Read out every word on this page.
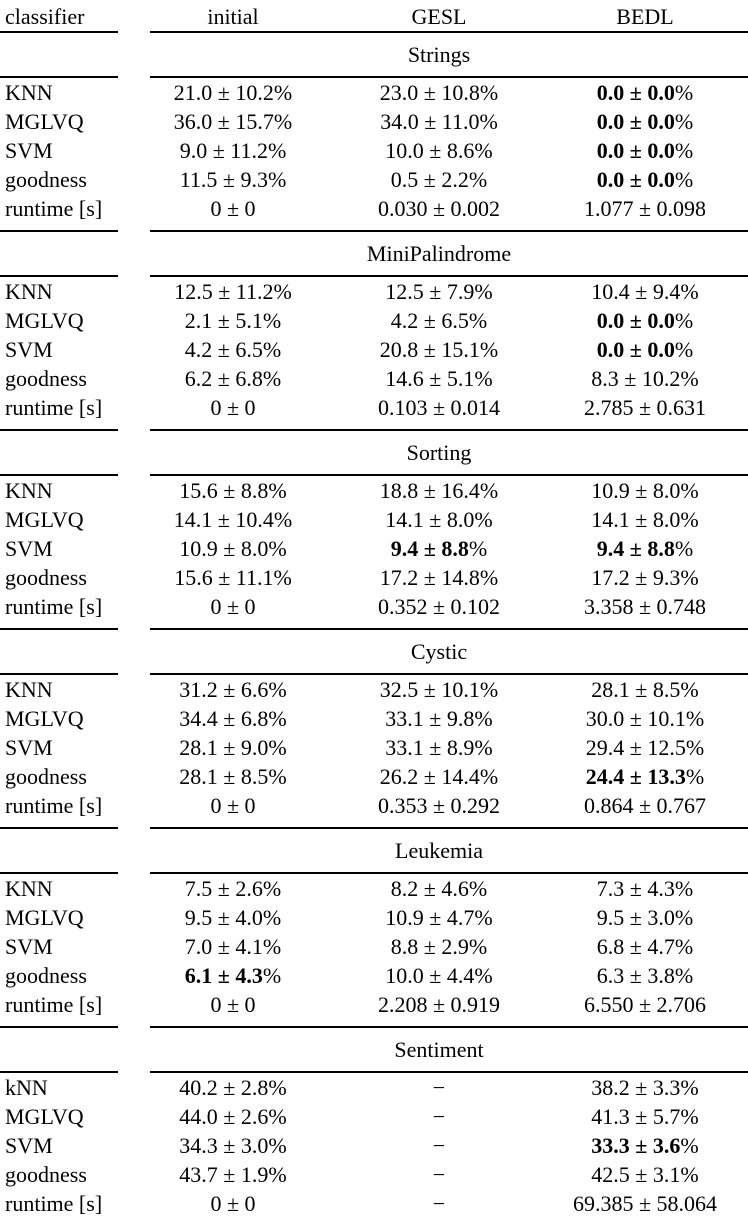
classifier	initial	GESL	BEDL
Strings
KNN	21.0 ± 10.2%	23.0 ± 10.8%	0.0 ± 0.0%
MGLVQ	36.0 ± 15.7%	34.0 ± 11.0%	0.0 ± 0.0%
SVM	9.0 ± 11.2%	10.0 ± 8.6%	0.0 ± 0.0%
goodness	11.5 ± 9.3%	0.5 ± 2.2%	0.0 ± 0.0%
runtime [s]	0 ± 0	0.030 ± 0.002	1.077 ± 0.098
MiniPalindrome
KNN	12.5 ± 11.2%	12.5 ± 7.9%	10.4 ± 9.4%
MGLVQ	2.1 ± 5.1%	4.2 ± 6.5%	0.0 ± 0.0%
SVM	4.2 ± 6.5%	20.8 ± 15.1%	0.0 ± 0.0%
goodness	6.2 ± 6.8%	14.6 ± 5.1%	8.3 ± 10.2%
runtime [s]	0 ± 0	0.103 ± 0.014	2.785 ± 0.631
Sorting
KNN	15.6 ± 8.8%	18.8 ± 16.4%	10.9 ± 8.0%
MGLVQ	14.1 ± 10.4%	14.1 ± 8.0%	14.1 ± 8.0%
SVM	10.9 ± 8.0%	9.4 ± 8.8%	9.4 ± 8.8%
goodness	15.6 ± 11.1%	17.2 ± 14.8%	17.2 ± 9.3%
runtime [s]	0 ± 0	0.352 ± 0.102	3.358 ± 0.748
Cystic
KNN	31.2 ± 6.6%	32.5 ± 10.1%	28.1 ± 8.5%
MGLVQ	34.4 ± 6.8%	33.1 ± 9.8%	30.0 ± 10.1%
SVM	28.1 ± 9.0%	33.1 ± 8.9%	29.4 ± 12.5%
goodness	28.1 ± 8.5%	26.2 ± 14.4%	24.4 ± 13.3%
runtime [s]	0 ± 0	0.353 ± 0.292	0.864 ± 0.767
Leukemia
KNN	7.5 ± 2.6%	8.2 ± 4.6%	7.3 ± 4.3%
MGLVQ	9.5 ± 4.0%	10.9 ± 4.7%	9.5 ± 3.0%
SVM	7.0 ± 4.1%	8.8 ± 2.9%	6.8 ± 4.7%
goodness	6.1 ± 4.3%	10.0 ± 4.4%	6.3 ± 3.8%
runtime [s]	0 ± 0	2.208 ± 0.919	6.550 ± 2.706
Sentiment
kNN	40.2 ± 2.8%	−	38.2 ± 3.3%
MGLVQ	44.0 ± 2.6%	−	41.3 ± 5.7%
SVM	34.3 ± 3.0%	−	33.3 ± 3.6%
goodness	43.7 ± 1.9%	−	42.5 ± 3.1%
runtime [s]	0 ± 0	−	69.385 ± 58.064
